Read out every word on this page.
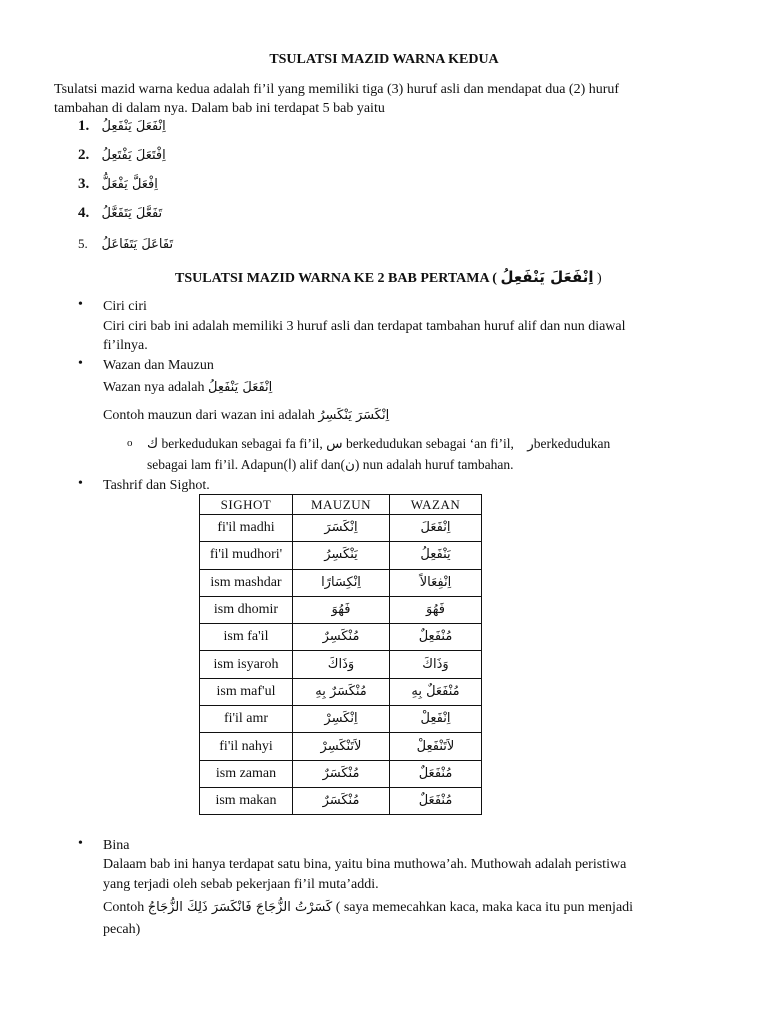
TSULATSI MAZID WARNA KEDUA
Tsulatsi mazid warna kedua adalah fi’il yang memiliki tiga (3) huruf asli dan mendapat dua (2) huruf
tambahan di dalam nya. Dalam bab ini terdapat 5 bab yaitu
1. اِنْفَعَلَ يَنْفَعِلُ
2. اِفْتَعَلَ يَفْتَعِلُ
3. اِفْعَلَّ يَفْعَلُّ
4. تَفَعَّلَ يَتَفَعَّلُ
5. تَفَاعَلَ يَتَفَاعَلُ
TSULATSI MAZID WARNA KE 2 BAB PERTAMA ( اِنْفَعَلَ يَنْفَعِلُ )
• Ciri ciri
Ciri ciri bab ini adalah memiliki 3 huruf asli dan terdapat tambahan huruf alif dan nun diawal
fi’ilnya.
• Wazan dan Mauzun
Wazan nya adalah اِنْفَعَلَ يَنْفَعِلُ
Contoh mauzun dari wazan ini adalah اِنْكَسَرَ يَنْكَسِرُ
o ك berkedudukan sebagai fa fi’il, س berkedudukan sebagai ‘an fi’il, رberkedudukan
sebagai lam fi’il. Adapun(ا) alif dan(ن) nun adalah huruf tambahan.
• Tashrif dan Sighot.
SIGHOT	MAUZUN	WAZAN
fi'il madhi	اِنْكَسَرَ	اِنْفَعَلَ
fi'il mudhori'	يَنْكَسِرُ	يَنْفَعِلُ
ism mashdar	اِنْكِسَارًا	اِنْفِعَالاً
ism dhomir	فَهُوَ	فَهُوَ
ism fa'il	مُنْكَسِرٌ	مُنْفَعِلٌ
ism isyaroh	وَذَاكَ	وَذَاكَ
ism maf'ul	مُنْكَسَرٌ بِهِ	مُنْفَعَلٌ بِهِ
fi'il amr	اِنْكَسِرْ	اِنْفَعِلْ
fi'il nahyi	لاَتَنْكَسِرْ	لاَتَنْفَعِلْ
ism zaman	مُنْكَسَرٌ	مُنْفَعَلٌ
ism makan	مُنْكَسَرٌ	مُنْفَعَلٌ
• Bina
Dalaam bab ini hanya terdapat satu bina, yaitu bina muthowa’ah. Muthowah adalah peristiwa
yang terjadi oleh sebab pekerjaan fi’il muta’addi.
Contoh كَسَرْتُ الزُّجَاجَ فَانْكَسَرَ ذَلِكَ الزُّجَاجُ ( saya memecahkan kaca, maka kaca itu pun menjadi
pecah)
